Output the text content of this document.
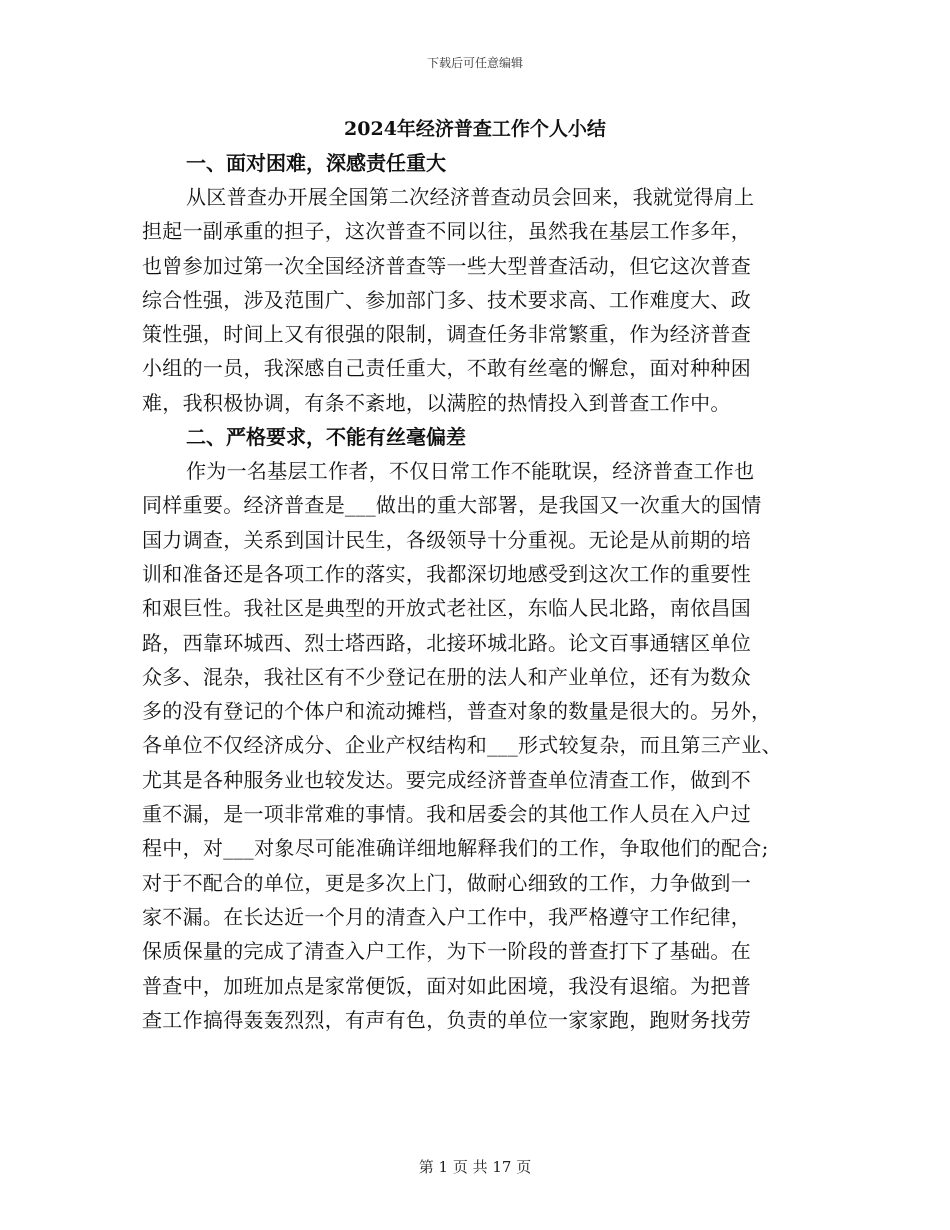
下载后可任意编辑
2024年经济普查工作个人小结
一、面对困难，深感责任重大
从区普查办开展全国第二次经济普查动员会回来，我就觉得肩上
担起一副承重的担子，这次普查不同以往，虽然我在基层工作多年，
也曾参加过第一次全国经济普查等一些大型普查活动，但它这次普查
综合性强，涉及范围广、参加部门多、技术要求高、工作难度大、政
策性强，时间上又有很强的限制，调查任务非常繁重，作为经济普查
小组的一员，我深感自己责任重大，不敢有丝毫的懈怠，面对种种困
难，我积极协调，有条不紊地，以满腔的热情投入到普查工作中。
二、严格要求，不能有丝毫偏差
作为一名基层工作者，不仅日常工作不能耽误，经济普查工作也
同样重要。经济普查是___做出的重大部署，是我国又一次重大的国情
国力调查，关系到国计民生，各级领导十分重视。无论是从前期的培
训和准备还是各项工作的落实，我都深切地感受到这次工作的重要性
和艰巨性。我社区是典型的开放式老社区，东临人民北路，南依昌国
路，西靠环城西、烈士塔西路，北接环城北路。论文百事通辖区单位
众多、混杂，我社区有不少登记在册的法人和产业单位，还有为数众
多的没有登记的个体户和流动摊档，普查对象的数量是很大的。另外，
各单位不仅经济成分、企业产权结构和___形式较复杂，而且第三产业、
尤其是各种服务业也较发达。要完成经济普查单位清查工作，做到不
重不漏，是一项非常难的事情。我和居委会的其他工作人员在入户过
程中，对___对象尽可能准确详细地解释我们的工作，争取他们的配合;
对于不配合的单位，更是多次上门，做耐心细致的工作，力争做到一
家不漏。在长达近一个月的清查入户工作中，我严格遵守工作纪律，
保质保量的完成了清查入户工作，为下一阶段的普查打下了基础。在
普查中，加班加点是家常便饭，面对如此困境，我没有退缩。为把普
查工作搞得轰轰烈烈，有声有色，负责的单位一家家跑，跑财务找劳
第 1 页 共 17 页
